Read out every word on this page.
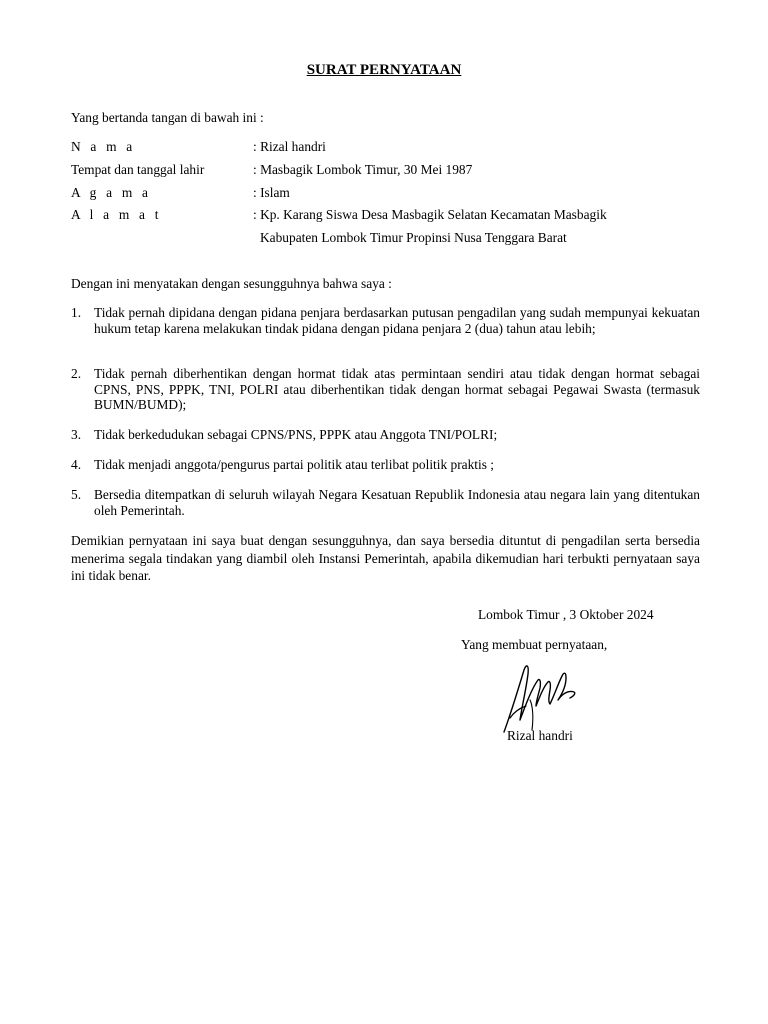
SURAT PERNYATAAN
Yang bertanda tangan di bawah ini :
N a m a	: Rizal handri
Tempat dan tanggal lahir	: Masbagik Lombok Timur, 30 Mei 1987
A g a m a	: Islam
A l a m a t	: Kp. Karang Siswa Desa Masbagik Selatan Kecamatan Masbagik
Kabupaten Lombok Timur Propinsi Nusa Tenggara Barat
Dengan ini menyatakan dengan sesungguhnya bahwa saya :
1. Tidak pernah dipidana dengan pidana penjara berdasarkan putusan pengadilan yang sudah mempunyai kekuatan hukum tetap karena melakukan tindak pidana dengan pidana penjara 2 (dua) tahun atau lebih;
2. Tidak pernah diberhentikan dengan hormat tidak atas permintaan sendiri atau tidak dengan hormat sebagai CPNS, PNS, PPPK, TNI, POLRI atau diberhentikan tidak dengan hormat sebagai Pegawai Swasta (termasuk BUMN/BUMD);
3. Tidak berkedudukan sebagai CPNS/PNS, PPPK atau Anggota TNI/POLRI;
4. Tidak menjadi anggota/pengurus partai politik atau terlibat politik praktis ;
5. Bersedia ditempatkan di seluruh wilayah Negara Kesatuan Republik Indonesia atau negara lain yang ditentukan oleh Pemerintah.
Demikian pernyataan ini saya buat dengan sesungguhnya, dan saya bersedia dituntut di pengadilan serta bersedia menerima segala tindakan yang diambil oleh Instansi Pemerintah, apabila dikemudian hari terbukti pernyataan saya ini tidak benar.
Lombok Timur , 3 Oktober 2024
Yang membuat pernyataan,
Rizal handri
